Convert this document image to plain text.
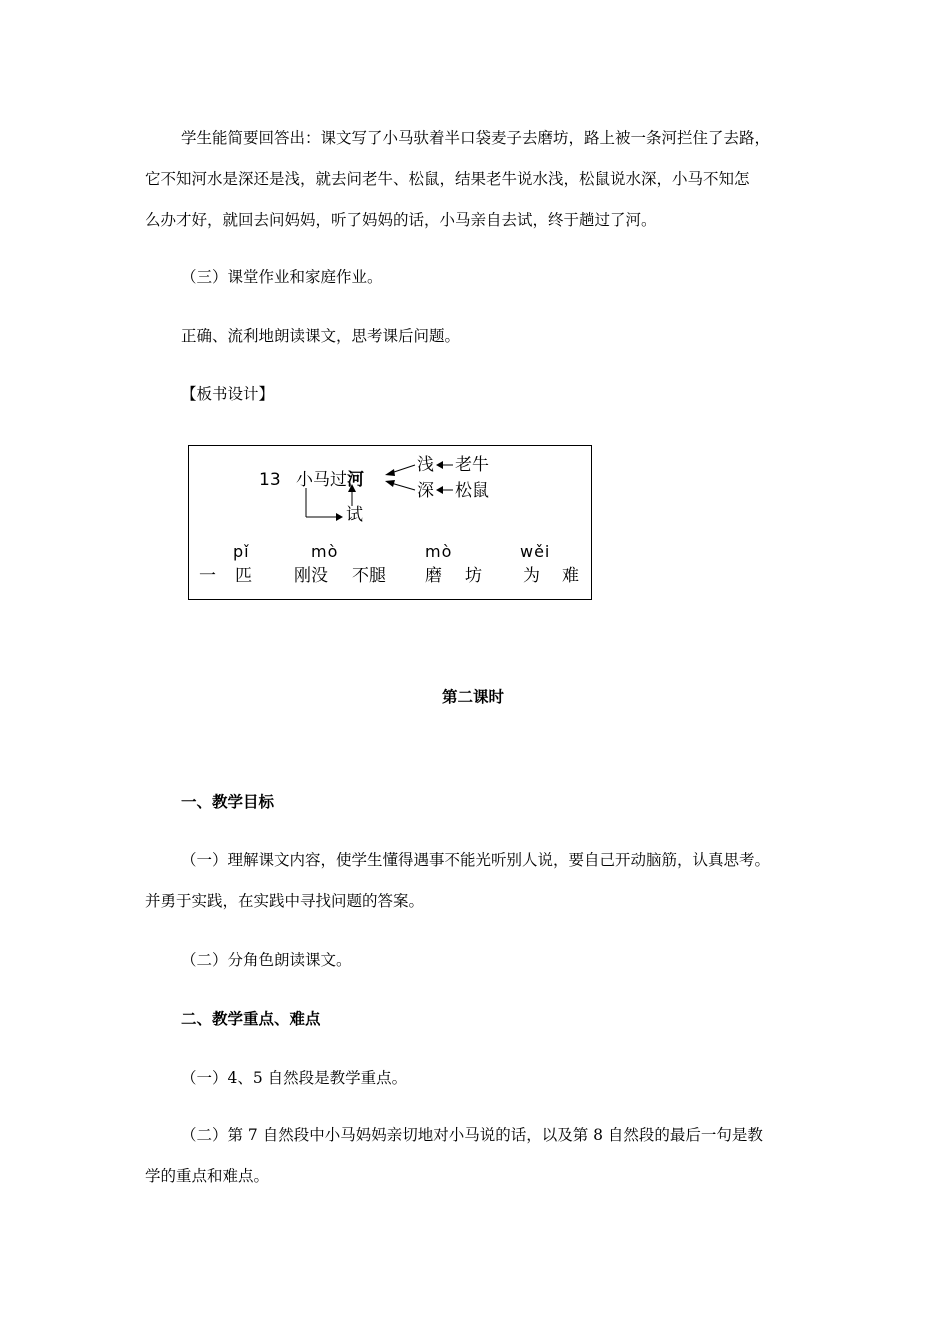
学生能简要回答出：课文写了小马驮着半口袋麦子去磨坊，路上被一条河拦住了去路，
它不知河水是深还是浅，就去问老牛、松鼠，结果老牛说水浅，松鼠说水深，小马不知怎
么办才好，就回去问妈妈，听了妈妈的话，小马亲自去试，终于趟过了河。
（三）课堂作业和家庭作业。
正确、流利地朗读课文，思考课后问题。
【板书设计】
13 小马过 河
浅 老牛
深 松鼠
试
pǐ	mò	mò	wěi
一 匹 刚没 不腿 磨 坊 为 难
第二课时
一、教学目标
（一）理解课文内容，使学生懂得遇事不能光听别人说，要自己开动脑筋，认真思考。
并勇于实践，在实践中寻找问题的答案。
（二）分角色朗读课文。
二、教学重点、难点
（一）4、5 自然段是教学重点。
（二）第 7 自然段中小马妈妈亲切地对小马说的话，以及第 8 自然段的最后一句是教
学的重点和难点。
